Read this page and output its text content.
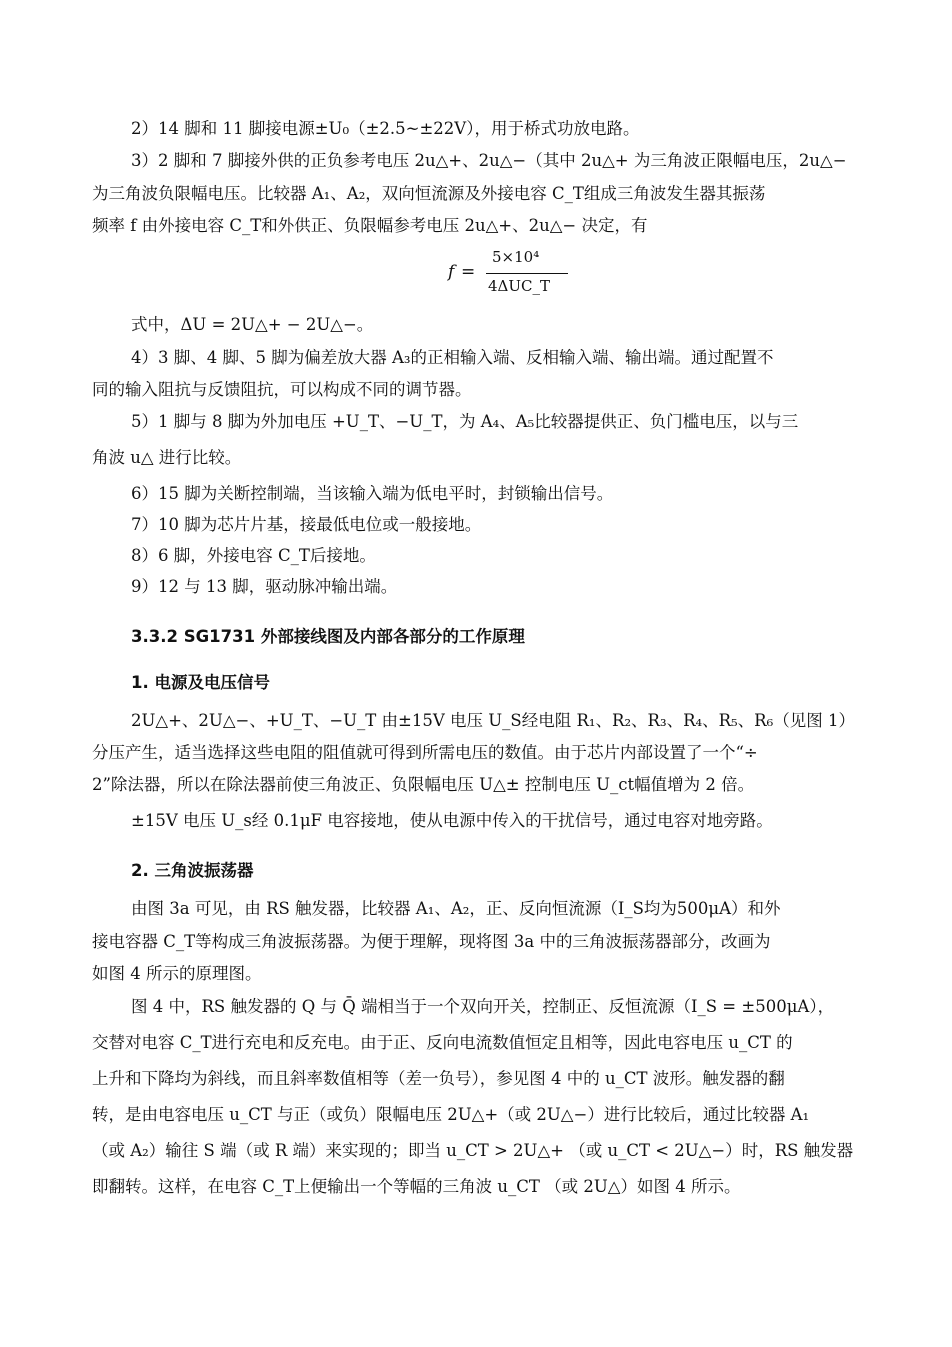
2）14 脚和 11 脚接电源±U₀（±2.5~±22V），用于桥式功放电路。
3）2 脚和 7 脚接外供的正负参考电压 2u△+、2u△−（其中 2u△+ 为三角波正限幅电压，2u△−
为三角波负限幅电压。比较器 A₁、A₂，双向恒流源及外接电容 C_T组成三角波发生器其振荡
频率 f 由外接电容 C_T和外供正、负限幅参考电压 2u△+、2u△− 决定，有
f =
5×10⁴
4ΔUC_T
式中，ΔU = 2U△+ − 2U△−。
4）3 脚、4 脚、5 脚为偏差放大器 A₃的正相输入端、反相输入端、输出端。通过配置不
同的输入阻抗与反馈阻抗，可以构成不同的调节器。
5）1 脚与 8 脚为外加电压 +U_T、−U_T，为 A₄、A₅比较器提供正、负门槛电压，以与三
角波 u△ 进行比较。
6）15 脚为关断控制端，当该输入端为低电平时，封锁输出信号。
7）10 脚为芯片片基，接最低电位或一般接地。
8）6 脚，外接电容 C_T后接地。
9）12 与 13 脚，驱动脉冲输出端。
3.3.2 SG1731 外部接线图及内部各部分的工作原理
1. 电源及电压信号
2U△+、2U△−、+U_T、−U_T 由±15V 电压 U_S经电阻 R₁、R₂、R₃、R₄、R₅、R₆（见图 1）
分压产生，适当选择这些电阻的阻值就可得到所需电压的数值。由于芯片内部设置了一个“÷
2”除法器，所以在除法器前使三角波正、负限幅电压 U△± 控制电压 U_ct幅值增为 2 倍。
±15V 电压 U_s经 0.1μF 电容接地，使从电源中传入的干扰信号，通过电容对地旁路。
2. 三角波振荡器
由图 3a 可见，由 RS 触发器，比较器 A₁、A₂，正、反向恒流源（I_S均为500μA）和外
接电容器 C_T等构成三角波振荡器。为便于理解，现将图 3a 中的三角波振荡器部分，改画为
如图 4 所示的原理图。
图 4 中，RS 触发器的 Q 与 Q̄ 端相当于一个双向开关，控制正、反恒流源（I_S = ±500μA），
交替对电容 C_T进行充电和反充电。由于正、反向电流数值恒定且相等，因此电容电压 u_CT 的
上升和下降均为斜线，而且斜率数值相等（差一负号），参见图 4 中的 u_CT 波形。触发器的翻
转，是由电容电压 u_CT 与正（或负）限幅电压 2U△+（或 2U△−）进行比较后，通过比较器 A₁
（或 A₂）输往 S 端（或 R 端）来实现的；即当 u_CT > 2U△+ （或 u_CT < 2U△−）时，RS 触发器
即翻转。这样，在电容 C_T上便输出一个等幅的三角波 u_CT （或 2U△）如图 4 所示。
